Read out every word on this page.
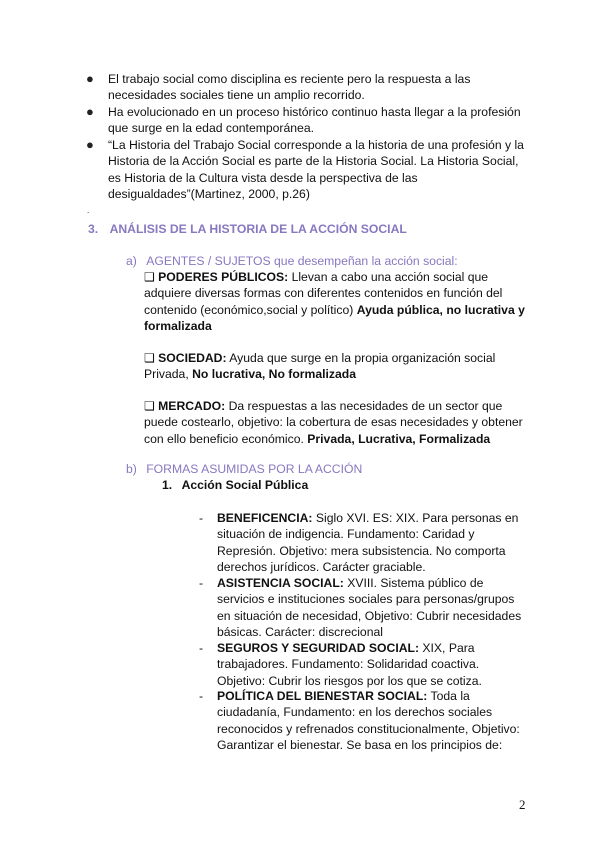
● El trabajo social como disciplina es reciente pero la respuesta a las necesidades sociales tiene un amplio recorrido.

● Ha evolucionado en un proceso histórico continuo hasta llegar a la profesión que surge en la edad contemporánea.

● “La Historia del Trabajo Social corresponde a la historia de una profesión y la Historia de la Acción Social es parte de la Historia Social. La Historia Social, es Historia de la Cultura vista desde la perspectiva de las desigualdades”(Martinez, 2000, p.26)

.
3. ANÁLISIS DE LA HISTORIA DE LA ACCIÓN SOCIAL
a) AGENTES / SUJETOS que desempeñan la acción social:

❑ PODERES PÚBLICOS: Llevan a cabo una acción social que adquiere diversas formas con diferentes contenidos en función del contenido (económico,social y político) Ayuda pública, no lucrativa y formalizada

❑ SOCIEDAD: Ayuda que surge en la propia organización social Privada, No lucrativa, No formalizada

❑ MERCADO: Da respuestas a las necesidades de un sector que puede costearlo, objetivo: la cobertura de esas necesidades y obtener con ello beneficio económico. Privada, Lucrativa, Formalizada

b) FORMAS ASUMIDAS POR LA ACCIÓN
1. Acción Social Pública
- BENEFICENCIA: Siglo XVI. ES: XIX. Para personas en situación de indigencia. Fundamento: Caridad y Represión. Objetivo: mera subsistencia. No comporta derechos jurídicos. Carácter graciable.

- ASISTENCIA SOCIAL: XVIII. Sistema público de servicios e instituciones sociales para personas/grupos en situación de necesidad, Objetivo: Cubrir necesidades básicas. Carácter: discrecional

- SEGUROS Y SEGURIDAD SOCIAL: XIX, Para trabajadores. Fundamento: Solidaridad coactiva. Objetivo: Cubrir los riesgos por los que se cotiza.

- POLÍTICA DEL BIENESTAR SOCIAL: Toda la ciudadanía, Fundamento: en los derechos sociales reconocidos y refrenados constitucionalmente, Objetivo: Garantizar el bienestar. Se basa en los principios de:

2
